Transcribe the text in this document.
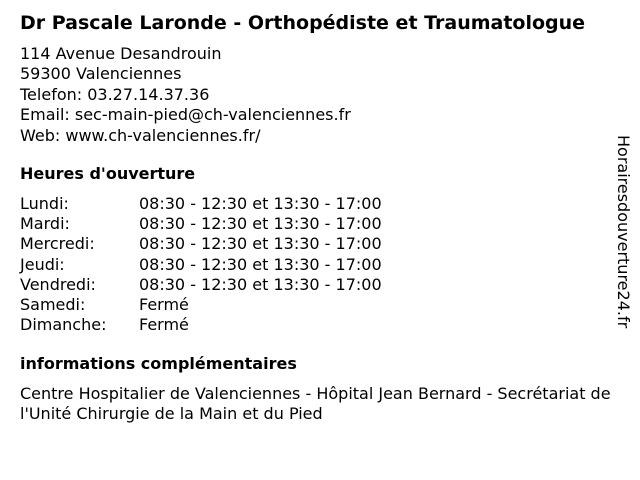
Dr Pascale Laronde - Orthopédiste et Traumatologue
114 Avenue Desandrouin
59300 Valenciennes
Telefon: 03.27.14.37.36
Email: sec-main-pied@ch-valenciennes.fr
Web: www.ch-valenciennes.fr/
Heures d'ouverture
Lundi:	08:30 - 12:30 et 13:30 - 17:00
Mardi:	08:30 - 12:30 et 13:30 - 17:00
Mercredi:	08:30 - 12:30 et 13:30 - 17:00
Jeudi:	08:30 - 12:30 et 13:30 - 17:00
Vendredi:	08:30 - 12:30 et 13:30 - 17:00
Samedi:	Fermé
Dimanche: Fermé
informations complémentaires
Centre Hospitalier de Valenciennes - Hôpital Jean Bernard - Secrétariat de l'Unité Chirurgie de la Main et du Pied
Horairesdouverture24.fr
